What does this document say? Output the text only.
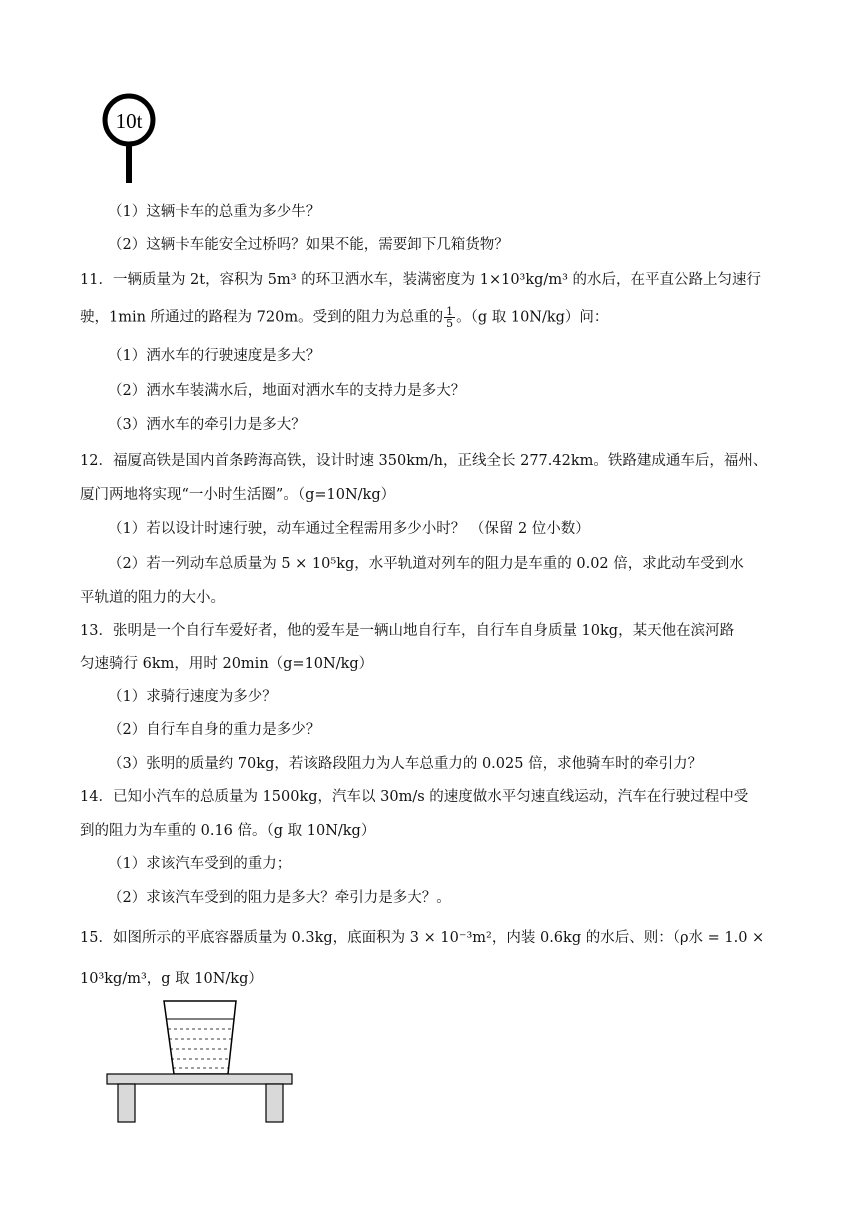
10t
（1）这辆卡车的总重为多少牛？
（2）这辆卡车能安全过桥吗？如果不能，需要卸下几箱货物？
11．一辆质量为 2t，容积为 5m³ 的环卫洒水车，装满密度为 1×10³kg/m³ 的水后，在平直公路上匀速行
驶，1min 所通过的路程为 720m。受到的阻力为总重的 $\frac{1}{5}$ 。（g 取 10N/kg）问：
（1）洒水车的行驶速度是多大？
（2）洒水车装满水后，地面对洒水车的支持力是多大？
（3）洒水车的牵引力是多大？
12．福厦高铁是国内首条跨海高铁，设计时速 350km/h，正线全长 277.42km。铁路建成通车后，福州、
厦门两地将实现“一小时生活圈”。（g=10N/kg）
（1）若以设计时速行驶，动车通过全程需用多少小时？ （保留 2 位小数）
（2）若一列动车总质量为 5 × 10⁵kg，水平轨道对列车的阻力是车重的 0.02 倍，求此动车受到水
平轨道的阻力的大小。
13．张明是一个自行车爱好者，他的爱车是一辆山地自行车，自行车自身质量 10kg，某天他在滨河路
匀速骑行 6km，用时 20min（g=10N/kg）
（1）求骑行速度为多少？
（2）自行车自身的重力是多少？
（3）张明的质量约 70kg，若该路段阻力为人车总重力的 0.025 倍，求他骑车时的牵引力？
14．已知小汽车的总质量为 1500kg，汽车以 30m/s 的速度做水平匀速直线运动，汽车在行驶过程中受
到的阻力为车重的 0.16 倍。（g 取 10N/kg）
（1）求该汽车受到的重力；
（2）求该汽车受到的阻力是多大？牵引力是多大？。
15．如图所示的平底容器质量为 0.3kg，底面积为 3 × 10⁻³m²，内装 0.6kg 的水后、则：（ρ水 = 1.0 ×
10³kg/m³，g 取 10N/kg）
